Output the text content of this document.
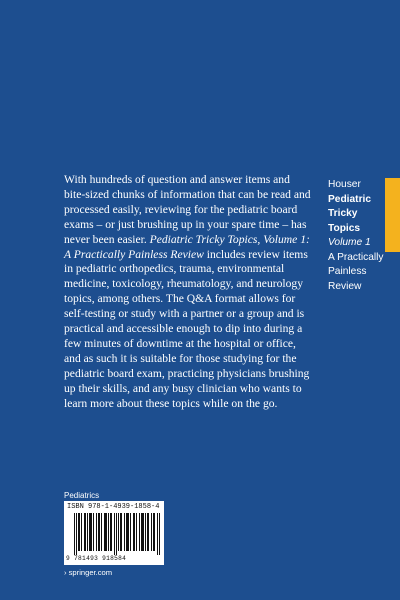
With hundreds of question and answer items and bite-sized chunks of information that can be read and processed easily, reviewing for the pediatric board exams – or just brushing up in your spare time – has never been easier. Pediatric Tricky Topics, Volume 1: A Practically Painless Review includes review items in pediatric orthopedics, trauma, environmental medicine, toxicology, rheumatology, and neurology topics, among others. The Q&A format allows for self-testing or study with a partner or a group and is practical and accessible enough to dip into during a few minutes of downtime at the hospital or office, and as such it is suitable for those studying for the pediatric board exam, practicing physicians brushing up their skills, and any busy clinician who wants to learn more about these topics while on the go.
Houser
Pediatric
Tricky Topics
Volume 1
A Practically
Painless Review
Pediatrics
ISBN 978-1-4939-1858-4
9 781493 918584
› springer.com
